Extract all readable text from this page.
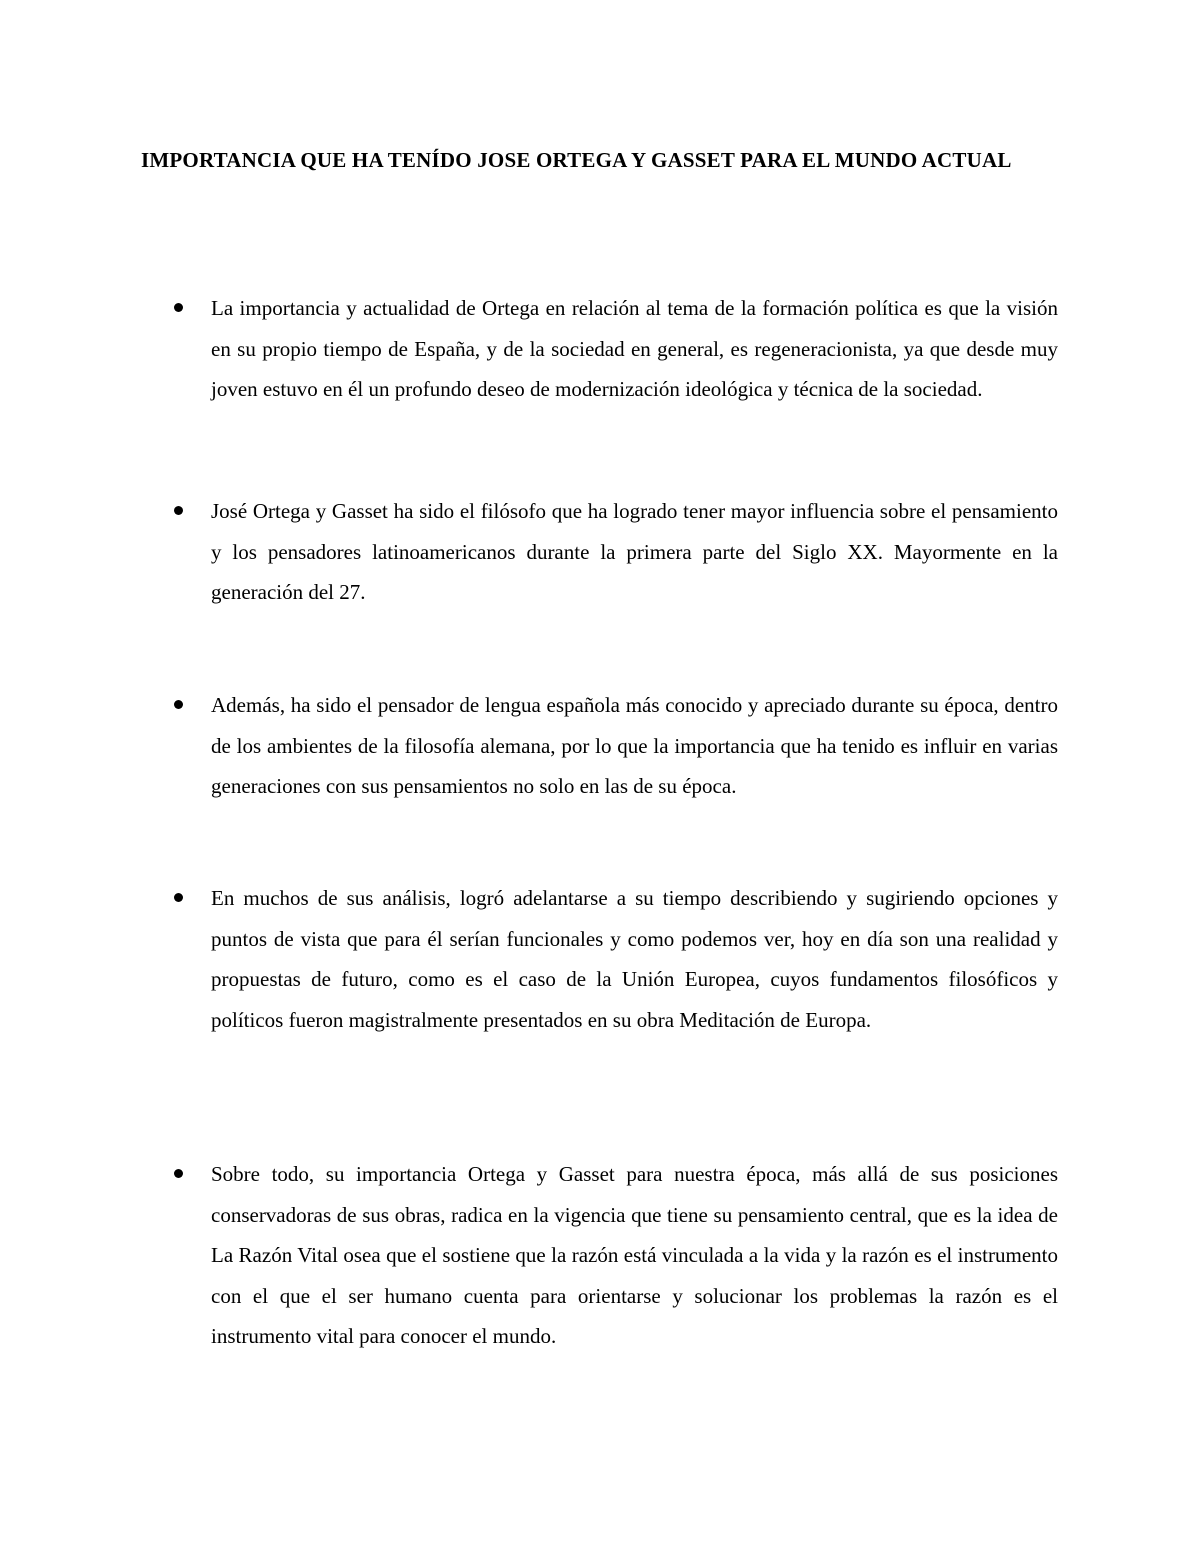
IMPORTANCIA QUE HA TENÍDO JOSE ORTEGA Y GASSET PARA EL MUNDO ACTUAL

La importancia y actualidad de Ortega en relación al tema de la formación política es que la visión en su propio tiempo de España, y de la sociedad en general, es regeneracionista, ya que desde muy joven estuvo en él un profundo deseo de modernización ideológica y técnica de la sociedad.

José Ortega y Gasset ha sido el filósofo que ha logrado tener mayor influencia sobre el pensamiento y los pensadores latinoamericanos durante la primera parte del Siglo XX. Mayormente en la generación del 27.

Además, ha sido el pensador de lengua española más conocido y apreciado durante su época, dentro de los ambientes de la filosofía alemana, por lo que la importancia que ha tenido es influir en varias generaciones con sus pensamientos no solo en las de su época.

En muchos de sus análisis, logró adelantarse a su tiempo describiendo y sugiriendo opciones y puntos de vista que para él serían funcionales y como podemos ver, hoy en día son una realidad y propuestas de futuro, como es el caso de la Unión Europea, cuyos fundamentos filosóficos y políticos fueron magistralmente presentados en su obra Meditación de Europa.

Sobre todo, su importancia Ortega y Gasset para nuestra época, más allá de sus posiciones conservadoras de sus obras, radica en la vigencia que tiene su pensamiento central, que es la idea de La Razón Vital osea que el sostiene que la razón está vinculada a la vida y la razón es el instrumento con el que el ser humano cuenta para orientarse y solucionar los problemas la razón es el instrumento vital para conocer el mundo.
